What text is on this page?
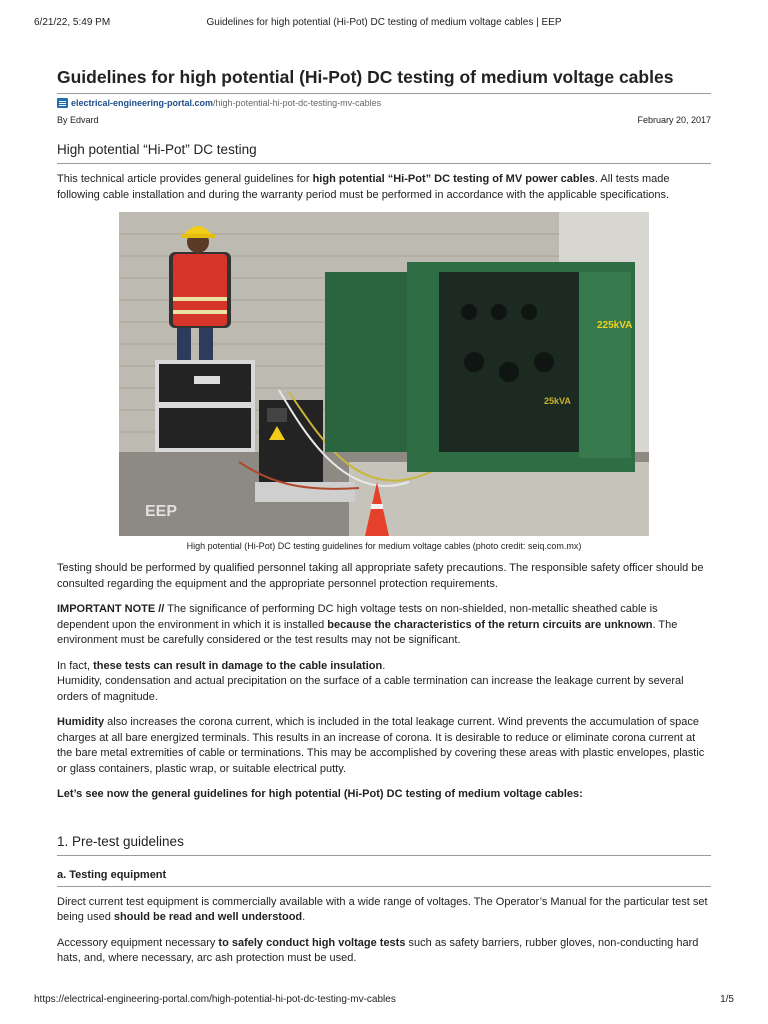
6/21/22, 5:49 PM	Guidelines for high potential (Hi-Pot) DC testing of medium voltage cables | EEP
Guidelines for high potential (Hi-Pot) DC testing of medium voltage cables
electrical-engineering-portal.com /high-potential-hi-pot-dc-testing-mv-cables
By Edvard	February 20, 2017
High potential “Hi-Pot” DC testing

This technical article provides general guidelines for high potential “Hi-Pot” DC testing of MV power cables. All tests made following cable installation and during the warranty period must be performed in accordance with the applicable specifications.

225kVA
25kVA
EEP
High potential (Hi-Pot) DC testing guidelines for medium voltage cables (photo credit: seiq.com.mx)

Testing should be performed by qualified personnel taking all appropriate safety precautions. The responsible safety officer should be consulted regarding the equipment and the appropriate personnel protection requirements.

IMPORTANT NOTE // The significance of performing DC high voltage tests on non-shielded, non-metallic sheathed cable is dependent upon the environment in which it is installed because the characteristics of the return circuits are unknown. The environment must be carefully considered or the test results may not be significant.

In fact, these tests can result in damage to the cable insulation.
Humidity, condensation and actual precipitation on the surface of a cable termination can increase the leakage current by several orders of magnitude.

Humidity also increases the corona current, which is included in the total leakage current. Wind prevents the accumulation of space charges at all bare energized terminals. This results in an increase of corona. It is desirable to reduce or eliminate corona current at the bare metal extremities of cable or terminations. This may be accomplished by covering these areas with plastic envelopes, plastic or glass containers, plastic wrap, or suitable electrical putty.

Let’s see now the general guidelines for high potential (Hi-Pot) DC testing of medium voltage cables:

1. Pre-test guidelines
a. Testing equipment

Direct current test equipment is commercially available with a wide range of voltages. The Operator’s Manual for the particular test set being used should be read and well understood.

Accessory equipment necessary to safely conduct high voltage tests such as safety barriers, rubber gloves, non-conducting hard hats, and, where necessary, arc ash protection must be used.

https://electrical-engineering-portal.com/high-potential-hi-pot-dc-testing-mv-cables	1/5
